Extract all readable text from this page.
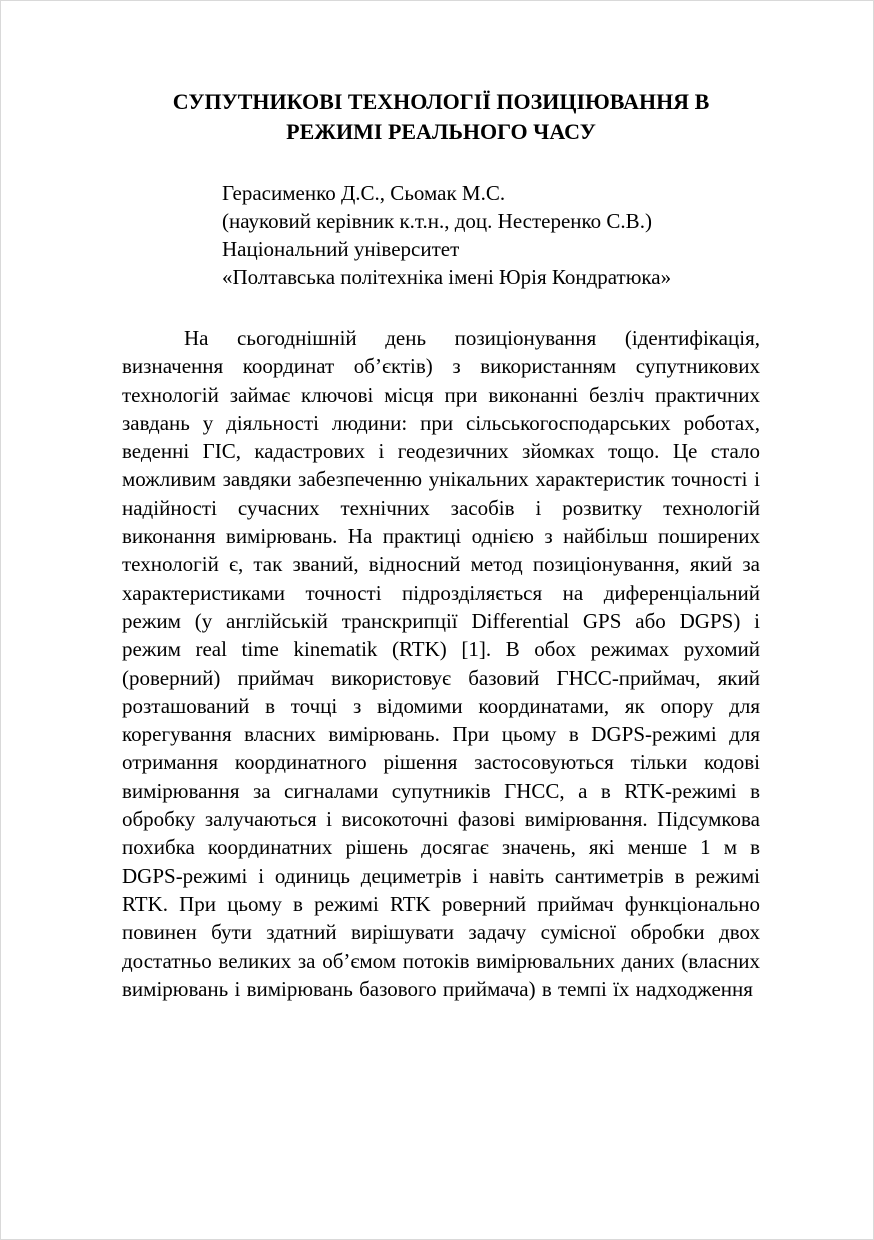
СУПУТНИКОВІ ТЕХНОЛОГІЇ ПОЗИЦІЮВАННЯ В
РЕЖИМІ РЕАЛЬНОГО ЧАСУ
Герасименко Д.С., Сьомак М.С.
(науковий керівник к.т.н., доц. Нестеренко С.В.)
Національний університет
«Полтавська політехніка імені Юрія Кондратюка»

На сьогоднішній день позиціонування (ідентифікація, визначення координат об’єктів) з використанням супутникових технологій займає ключові місця при виконанні безліч практичних завдань у діяльності людини: при сільськогосподарських роботах, веденні ГІС, кадастрових і геодезичних зйомках тощо. Це стало можливим завдяки забезпеченню унікальних характеристик точності і надійності сучасних технічних засобів і розвитку технологій виконання вимірювань. На практиці однією з найбільш поширених технологій є, так званий, відносний метод позиціонування, який за характеристиками точності підрозділяється на диференціальний режим (у англійській транскрипції Differential GPS або DGPS) і режим real time kinematik (RTK) [1]. В обох режимах рухомий (роверний) приймач використовує базовий ГНСС-приймач, який розташований в точці з відомими координатами, як опору для корегування власних вимірювань. При цьому в DGPS-режимі для отримання координатного рішення застосовуються тільки кодові вимірювання за сигналами супутників ГНСС, а в RTK-режимі в обробку залучаються і високоточні фазові вимірювання. Підсумкова похибка координатних рішень досягає значень, які менше 1 м в DGPS-режимі і одиниць дециметрів і навіть сантиметрів в режимі RTK. При цьому в режимі RTK роверний приймач функціонально повинен бути здатний вирішувати задачу сумісної обробки двох достатньо великих за об’ємом потоків вимірювальних даних (власних вимірювань і вимірювань базового приймача) в темпі їх надходження
